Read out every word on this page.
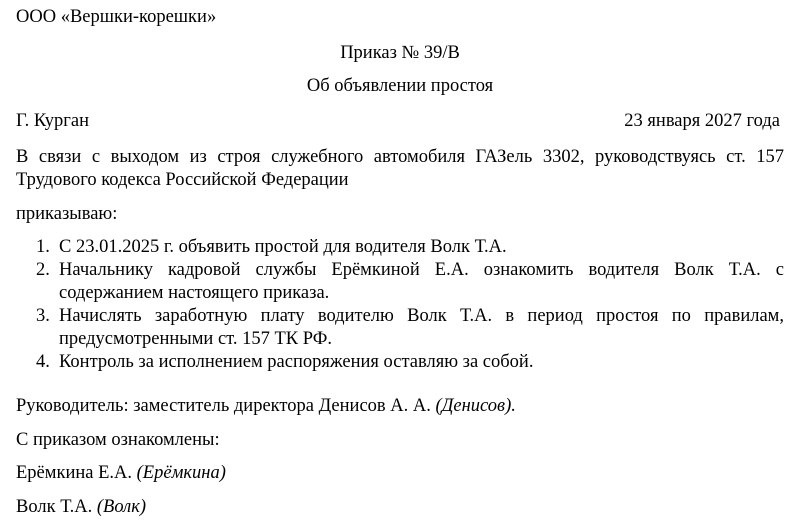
ООО «Вершки-корешки»
Приказ № 39/В
Об объявлении простоя
Г. Курган	23 января 2027 года
В связи с выходом из строя служебного автомобиля ГАЗель 3302, руководствуясь ст. 157
Трудового кодекса Российской Федерации
приказываю:
1. С 23.01.2025 г. объявить простой для водителя Волк Т.А.
2. Начальнику кадровой службы Ерёмкиной Е.А. ознакомить водителя Волк Т.А. с содержанием настоящего приказа.
3. Начислять заработную плату водителю Волк Т.А. в период простоя по правилам, предусмотренными ст. 157 ТК РФ.
4. Контроль за исполнением распоряжения оставляю за собой.
Руководитель: заместитель директора Денисов А. А. (Денисов).
С приказом ознакомлены:
Ерёмкина Е.А. (Ерёмкина)
Волк Т.А. (Волк)
